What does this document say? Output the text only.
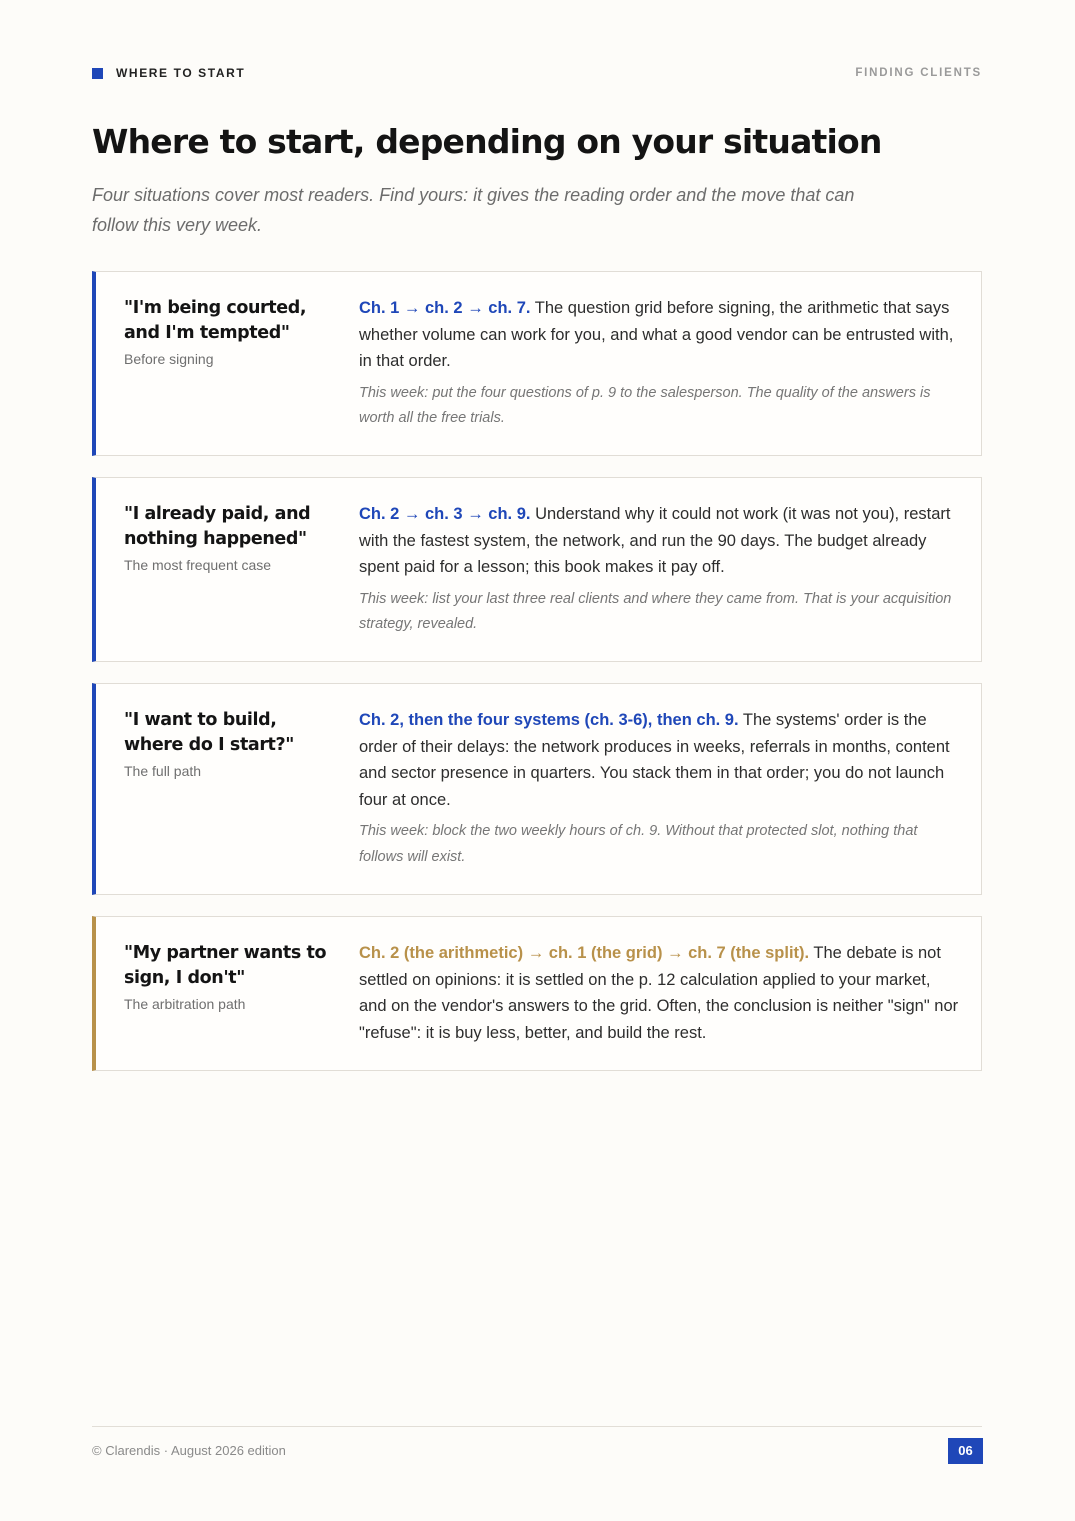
WHERE TO START	FINDING CLIENTS
Where to start, depending on your situation

Four situations cover most readers. Find yours: it gives the reading order and the move that can follow this very week.

"I'm being courted, and I'm tempted"
Before signing
Ch. 1 → ch. 2 → ch. 7. The question grid before signing, the arithmetic that says whether volume can work for you, and what a good vendor can be entrusted with, in that order.
This week: put the four questions of p. 9 to the salesperson. The quality of the answers is worth all the free trials.
"I already paid, and nothing happened"
The most frequent case
Ch. 2 → ch. 3 → ch. 9. Understand why it could not work (it was not you), restart with the fastest system, the network, and run the 90 days. The budget already spent paid for a lesson; this book makes it pay off.
This week: list your last three real clients and where they came from. That is your acquisition strategy, revealed.
"I want to build, where do I start?"
The full path
Ch. 2, then the four systems (ch. 3-6), then ch. 9. The systems' order is the order of their delays: the network produces in weeks, referrals in months, content and sector presence in quarters. You stack them in that order; you do not launch four at once.
This week: block the two weekly hours of ch. 9. Without that protected slot, nothing that follows will exist.
"My partner wants to sign, I don't"
The arbitration path
Ch. 2 (the arithmetic) → ch. 1 (the grid) → ch. 7 (the split). The debate is not settled on opinions: it is settled on the p. 12 calculation applied to your market, and on the vendor's answers to the grid. Often, the conclusion is neither "sign" nor "refuse": it is buy less, better, and build the rest.
© Clarendis · August 2026 edition	06
